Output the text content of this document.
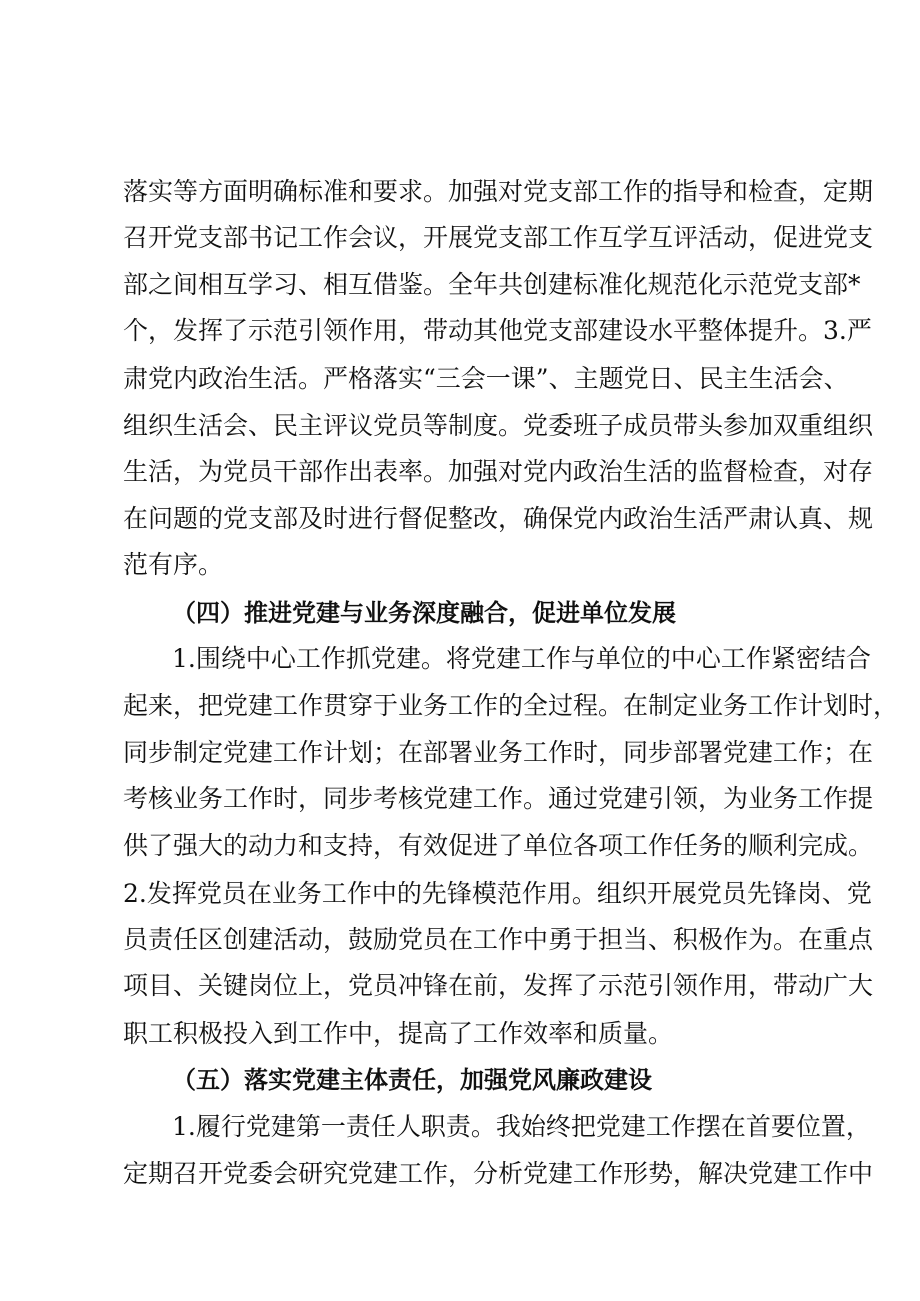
落实等方面明确标准和要求。加强对党支部工作的指导和检查，定期
召开党支部书记工作会议，开展党支部工作互学互评活动，促进党支
部之间相互学习、相互借鉴。全年共创建标准化规范化示范党支部*
个，发挥了示范引领作用，带动其他党支部建设水平整体提升。3.严
肃党内政治生活。严格落实“三会一课”、主题党日、民主生活会、
组织生活会、民主评议党员等制度。党委班子成员带头参加双重组织
生活，为党员干部作出表率。加强对党内政治生活的监督检查，对存
在问题的党支部及时进行督促整改，确保党内政治生活严肃认真、规
范有序。
（四）推进党建与业务深度融合，促进单位发展
1.围绕中心工作抓党建。将党建工作与单位的中心工作紧密结合
起来，把党建工作贯穿于业务工作的全过程。在制定业务工作计划时，
同步制定党建工作计划；在部署业务工作时，同步部署党建工作；在
考核业务工作时，同步考核党建工作。通过党建引领，为业务工作提
供了强大的动力和支持，有效促进了单位各项工作任务的顺利完成。
2.发挥党员在业务工作中的先锋模范作用。组织开展党员先锋岗、党
员责任区创建活动，鼓励党员在工作中勇于担当、积极作为。在重点
项目、关键岗位上，党员冲锋在前，发挥了示范引领作用，带动广大
职工积极投入到工作中，提高了工作效率和质量。
（五）落实党建主体责任，加强党风廉政建设
1.履行党建第一责任人职责。我始终把党建工作摆在首要位置，
定期召开党委会研究党建工作，分析党建工作形势，解决党建工作中
